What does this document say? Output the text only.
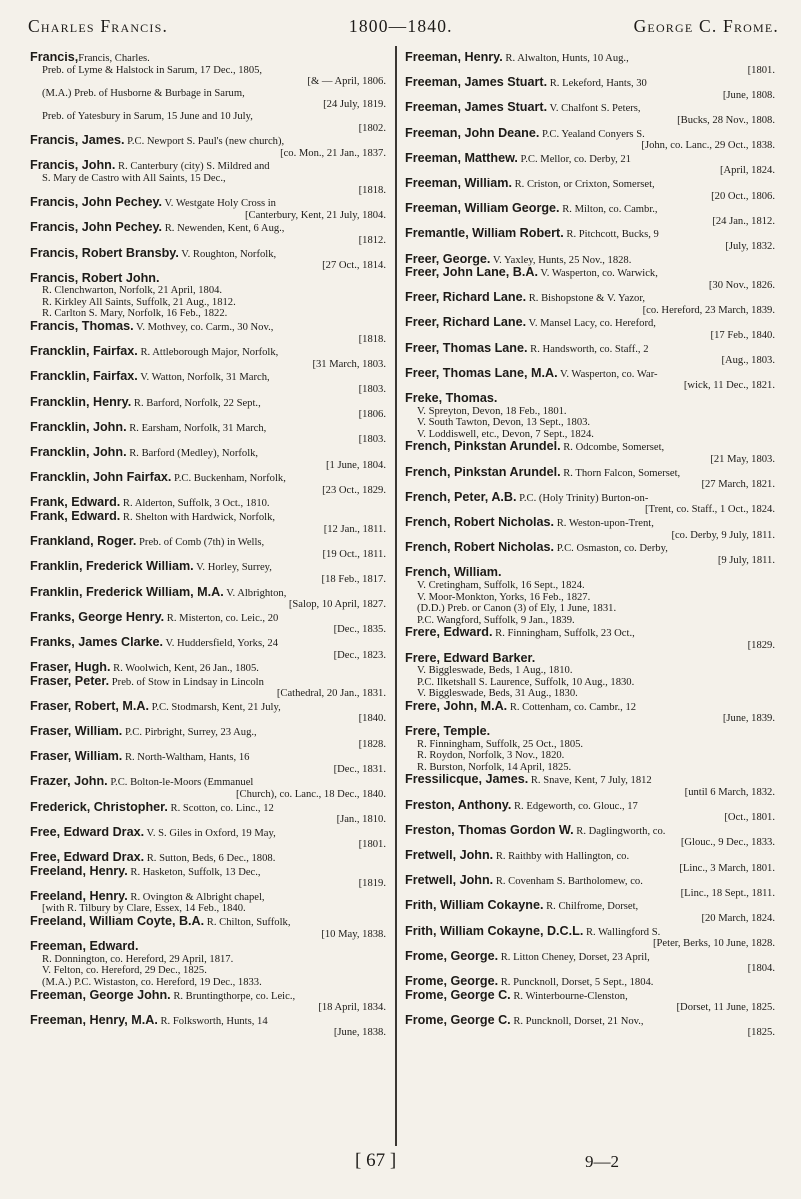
Charles Francis.	1800—1840.	George C. Frome.
Francis,Francis, Charles.
Preb. of Lyme & Halstock in Sarum, 17 Dec., 1805,
[& — April, 1806.
(M.A.) Preb. of Husborne & Burbage in Sarum,
[24 July, 1819.
Preb. of Yatesbury in Sarum, 15 June and 10 July,
[1802.
Francis, James. P.C. Newport S. Paul's (new church),
[co. Mon., 21 Jan., 1837.
Francis, John. R. Canterbury (city) S. Mildred and
S. Mary de Castro with All Saints, 15 Dec.,
[1818.
Francis, John Pechey. V. Westgate Holy Cross in
[Canterbury, Kent, 21 July, 1804.
Francis, John Pechey. R. Newenden, Kent, 6 Aug.,
[1812.
Francis, Robert Bransby. V. Roughton, Norfolk,
[27 Oct., 1814.
Francis, Robert John.
R. Clenchwarton, Norfolk, 21 April, 1804.
R. Kirkley All Saints, Suffolk, 21 Aug., 1812.
R. Carlton S. Mary, Norfolk, 16 Feb., 1822.
Francis, Thomas. V. Mothvey, co. Carm., 30 Nov.,
[1818.
Francklin, Fairfax. R. Attleborough Major, Norfolk,
[31 March, 1803.
Francklin, Fairfax. V. Watton, Norfolk, 31 March,
[1803.
Francklin, Henry. R. Barford, Norfolk, 22 Sept.,
[1806.
Francklin, John. R. Earsham, Norfolk, 31 March,
[1803.
Francklin, John. R. Barford (Medley), Norfolk,
[1 June, 1804.
Francklin, John Fairfax. P.C. Buckenham, Norfolk,
[23 Oct., 1829.
Frank, Edward. R. Alderton, Suffolk, 3 Oct., 1810.
Frank, Edward. R. Shelton with Hardwick, Norfolk,
[12 Jan., 1811.
Frankland, Roger. Preb. of Comb (7th) in Wells,
[19 Oct., 1811.
Franklin, Frederick William. V. Horley, Surrey,
[18 Feb., 1817.
Franklin, Frederick William, M.A. V. Albrighton,
[Salop, 10 April, 1827.
Franks, George Henry. R. Misterton, co. Leic., 20
[Dec., 1835.
Franks, James Clarke. V. Huddersfield, Yorks, 24
[Dec., 1823.
Fraser, Hugh. R. Woolwich, Kent, 26 Jan., 1805.
Fraser, Peter. Preb. of Stow in Lindsay in Lincoln
[Cathedral, 20 Jan., 1831.
Fraser, Robert, M.A. P.C. Stodmarsh, Kent, 21 July,
[1840.
Fraser, William. P.C. Pirbright, Surrey, 23 Aug.,
[1828.
Fraser, William. R. North-Waltham, Hants, 16
[Dec., 1831.
Frazer, John. P.C. Bolton-le-Moors (Emmanuel
[Church), co. Lanc., 18 Dec., 1840.
Frederick, Christopher. R. Scotton, co. Linc., 12
[Jan., 1810.
Free, Edward Drax. V. S. Giles in Oxford, 19 May,
[1801.
Free, Edward Drax. R. Sutton, Beds, 6 Dec., 1808.
Freeland, Henry. R. Hasketon, Suffolk, 13 Dec.,
[1819.
Freeland, Henry. R. Ovington & Albright chapel,
[with R. Tilbury by Clare, Essex, 14 Feb., 1840.
Freeland, William Coyte, B.A. R. Chilton, Suffolk,
[10 May, 1838.
Freeman, Edward.
R. Donnington, co. Hereford, 29 April, 1817.
V. Felton, co. Hereford, 29 Dec., 1825.
(M.A.) P.C. Wistaston, co. Hereford, 19 Dec., 1833.
Freeman, George John. R. Bruntingthorpe, co. Leic.,
[18 April, 1834.
Freeman, Henry, M.A. R. Folksworth, Hunts, 14
[June, 1838.
Freeman, Henry. R. Alwalton, Hunts, 10 Aug.,
[1801.
Freeman, James Stuart. R. Lekeford, Hants, 30
[June, 1808.
Freeman, James Stuart. V. Chalfont S. Peters,
[Bucks, 28 Nov., 1808.
Freeman, John Deane. P.C. Yealand Conyers S.
[John, co. Lanc., 29 Oct., 1838.
Freeman, Matthew. P.C. Mellor, co. Derby, 21
[April, 1824.
Freeman, William. R. Criston, or Crixton, Somerset,
[20 Oct., 1806.
Freeman, William George. R. Milton, co. Cambr.,
[24 Jan., 1812.
Fremantle, William Robert. R. Pitchcott, Bucks, 9
[July, 1832.
Freer, George. V. Yaxley, Hunts, 25 Nov., 1828.
Freer, John Lane, B.A. V. Wasperton, co. Warwick,
[30 Nov., 1826.
Freer, Richard Lane. R. Bishopstone & V. Yazor,
[co. Hereford, 23 March, 1839.
Freer, Richard Lane. V. Mansel Lacy, co. Hereford,
[17 Feb., 1840.
Freer, Thomas Lane. R. Handsworth, co. Staff., 2
[Aug., 1803.
Freer, Thomas Lane, M.A. V. Wasperton, co. War-
[wick, 11 Dec., 1821.
Freke, Thomas.
V. Spreyton, Devon, 18 Feb., 1801.
V. South Tawton, Devon, 13 Sept., 1803.
V. Loddiswell, etc., Devon, 7 Sept., 1824.
French, Pinkstan Arundel. R. Odcombe, Somerset,
[21 May, 1803.
French, Pinkstan Arundel. R. Thorn Falcon, Somerset,
[27 March, 1821.
French, Peter, A.B. P.C. (Holy Trinity) Burton-on-
[Trent, co. Staff., 1 Oct., 1824.
French, Robert Nicholas. R. Weston-upon-Trent,
[co. Derby, 9 July, 1811.
French, Robert Nicholas. P.C. Osmaston, co. Derby,
[9 July, 1811.
French, William.
V. Cretingham, Suffolk, 16 Sept., 1824.
V. Moor-Monkton, Yorks, 16 Feb., 1827.
(D.D.) Preb. or Canon (3) of Ely, 1 June, 1831.
P.C. Wangford, Suffolk, 9 Jan., 1839.
Frere, Edward. R. Finningham, Suffolk, 23 Oct.,
[1829.
Frere, Edward Barker.
V. Biggleswade, Beds, 1 Aug., 1810.
P.C. Ilketshall S. Laurence, Suffolk, 10 Aug., 1830.
V. Biggleswade, Beds, 31 Aug., 1830.
Frere, John, M.A. R. Cottenham, co. Cambr., 12
[June, 1839.
Frere, Temple.
R. Finningham, Suffolk, 25 Oct., 1805.
R. Roydon, Norfolk, 3 Nov., 1820.
R. Burston, Norfolk, 14 April, 1825.
Fressilicque, James. R. Snave, Kent, 7 July, 1812
[until 6 March, 1832.
Freston, Anthony. R. Edgeworth, co. Glouc., 17
[Oct., 1801.
Freston, Thomas Gordon W. R. Daglingworth, co.
[Glouc., 9 Dec., 1833.
Fretwell, John. R. Raithby with Hallington, co.
[Linc., 3 March, 1801.
Fretwell, John. R. Covenham S. Bartholomew, co.
[Linc., 18 Sept., 1811.
Frith, William Cokayne. R. Chilfrome, Dorset,
[20 March, 1824.
Frith, William Cokayne, D.C.L. R. Wallingford S.
[Peter, Berks, 10 June, 1828.
Frome, George. R. Litton Cheney, Dorset, 23 April,
[1804.
Frome, George. R. Puncknoll, Dorset, 5 Sept., 1804.
Frome, George C. R. Winterbourne-Clenston,
[Dorset, 11 June, 1825.
Frome, George C. R. Puncknoll, Dorset, 21 Nov.,
[1825.
[ 67 ]	9—2
